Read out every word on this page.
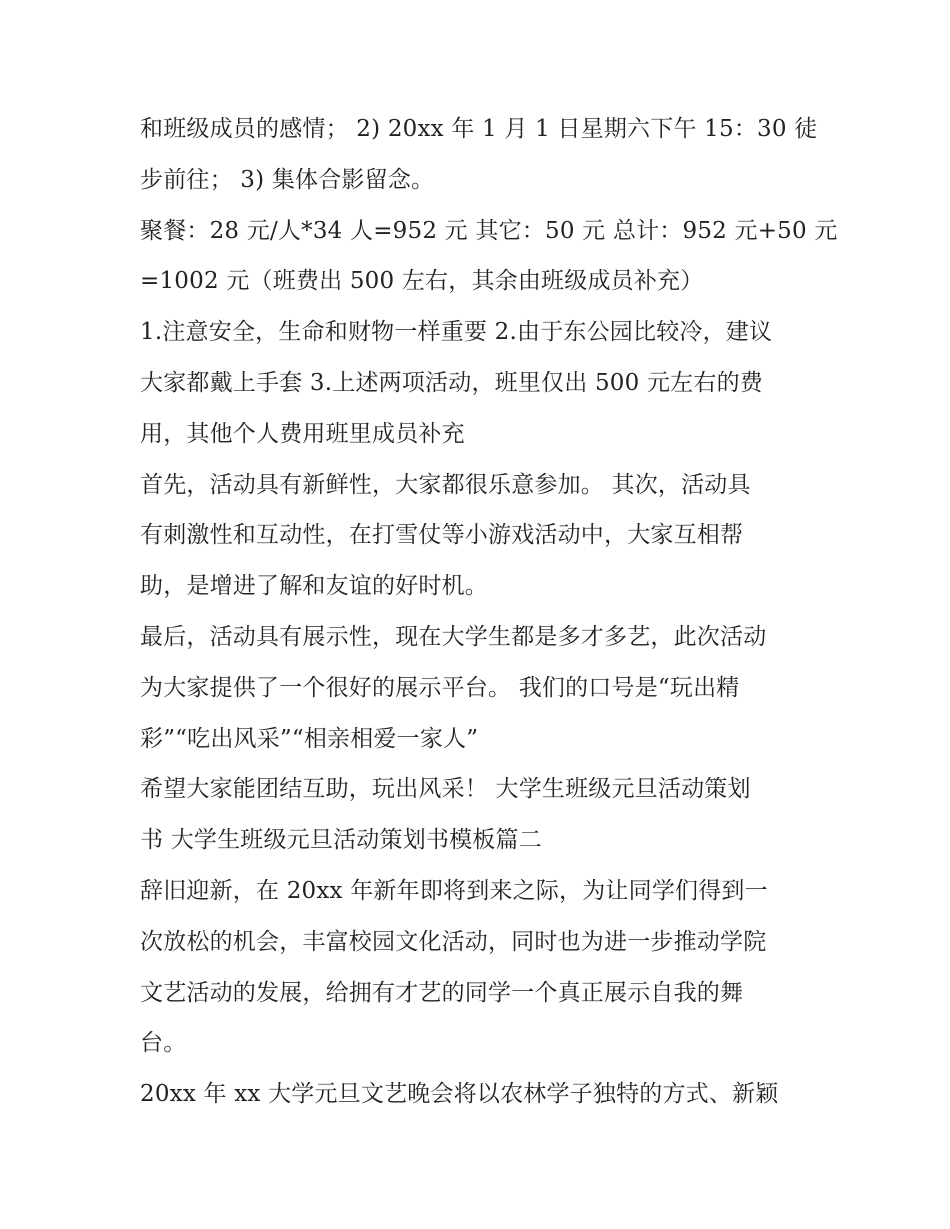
和班级成员的感情； 2) 20xx 年 1 月 1 日星期六下午 15：30 徒
步前往； 3) 集体合影留念。
聚餐：28 元/人*34 人=952 元 其它：50 元 总计：952 元+50 元
=1002 元（班费出 500 左右，其余由班级成员补充）
1.注意安全，生命和财物一样重要 2.由于东公园比较冷，建议
大家都戴上手套 3.上述两项活动，班里仅出 500 元左右的费
用，其他个人费用班里成员补充
首先，活动具有新鲜性，大家都很乐意参加。 其次，活动具
有刺激性和互动性，在打雪仗等小游戏活动中，大家互相帮
助，是增进了解和友谊的好时机。
最后，活动具有展示性，现在大学生都是多才多艺，此次活动
为大家提供了一个很好的展示平台。 我们的口号是“玩出精
彩”“吃出风采”“相亲相爱一家人”
希望大家能团结互助，玩出风采！ 大学生班级元旦活动策划
书 大学生班级元旦活动策划书模板篇二
辞旧迎新，在 20xx 年新年即将到来之际，为让同学们得到一
次放松的机会，丰富校园文化活动，同时也为进一步推动学院
文艺活动的发展，给拥有才艺的同学一个真正展示自我的舞
台。
20xx 年 xx 大学元旦文艺晚会将以农林学子独特的方式、新颖
